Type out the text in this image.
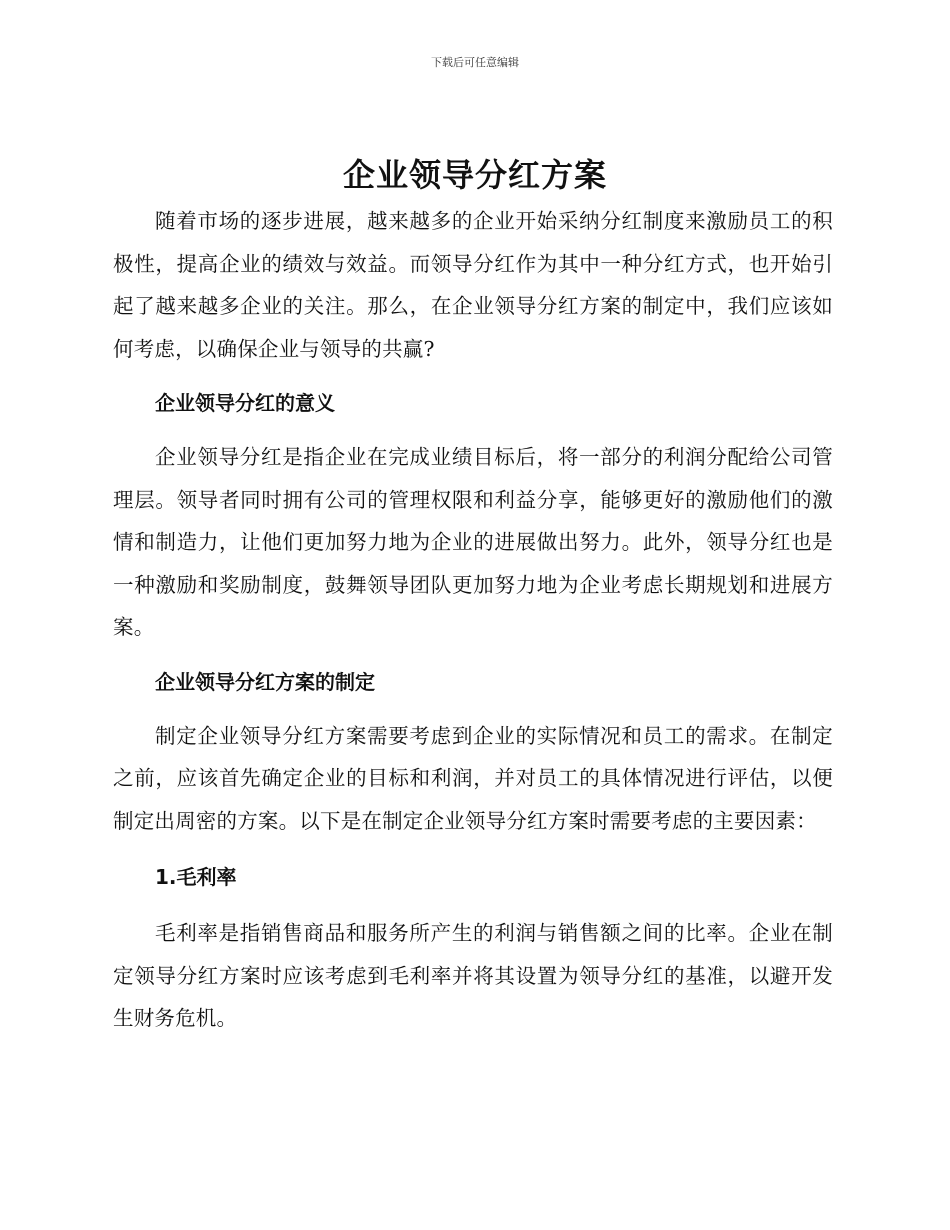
下载后可任意编辑
企业领导分红方案

随着市场的逐步进展，越来越多的企业开始采纳分红制度来激励员工的积极性，提高企业的绩效与效益。而领导分红作为其中一种分红方式，也开始引起了越来越多企业的关注。那么，在企业领导分红方案的制定中，我们应该如何考虑，以确保企业与领导的共赢?

企业领导分红的意义

企业领导分红是指企业在完成业绩目标后，将一部分的利润分配给公司管理层。领导者同时拥有公司的管理权限和利益分享，能够更好的激励他们的激情和制造力，让他们更加努力地为企业的进展做出努力。此外，领导分红也是一种激励和奖励制度，鼓舞领导团队更加努力地为企业考虑长期规划和进展方案。

企业领导分红方案的制定

制定企业领导分红方案需要考虑到企业的实际情况和员工的需求。在制定之前，应该首先确定企业的目标和利润，并对员工的具体情况进行评估，以便制定出周密的方案。以下是在制定企业领导分红方案时需要考虑的主要因素：

1.毛利率

毛利率是指销售商品和服务所产生的利润与销售额之间的比率。企业在制定领导分红方案时应该考虑到毛利率并将其设置为领导分红的基准，以避开发生财务危机。
